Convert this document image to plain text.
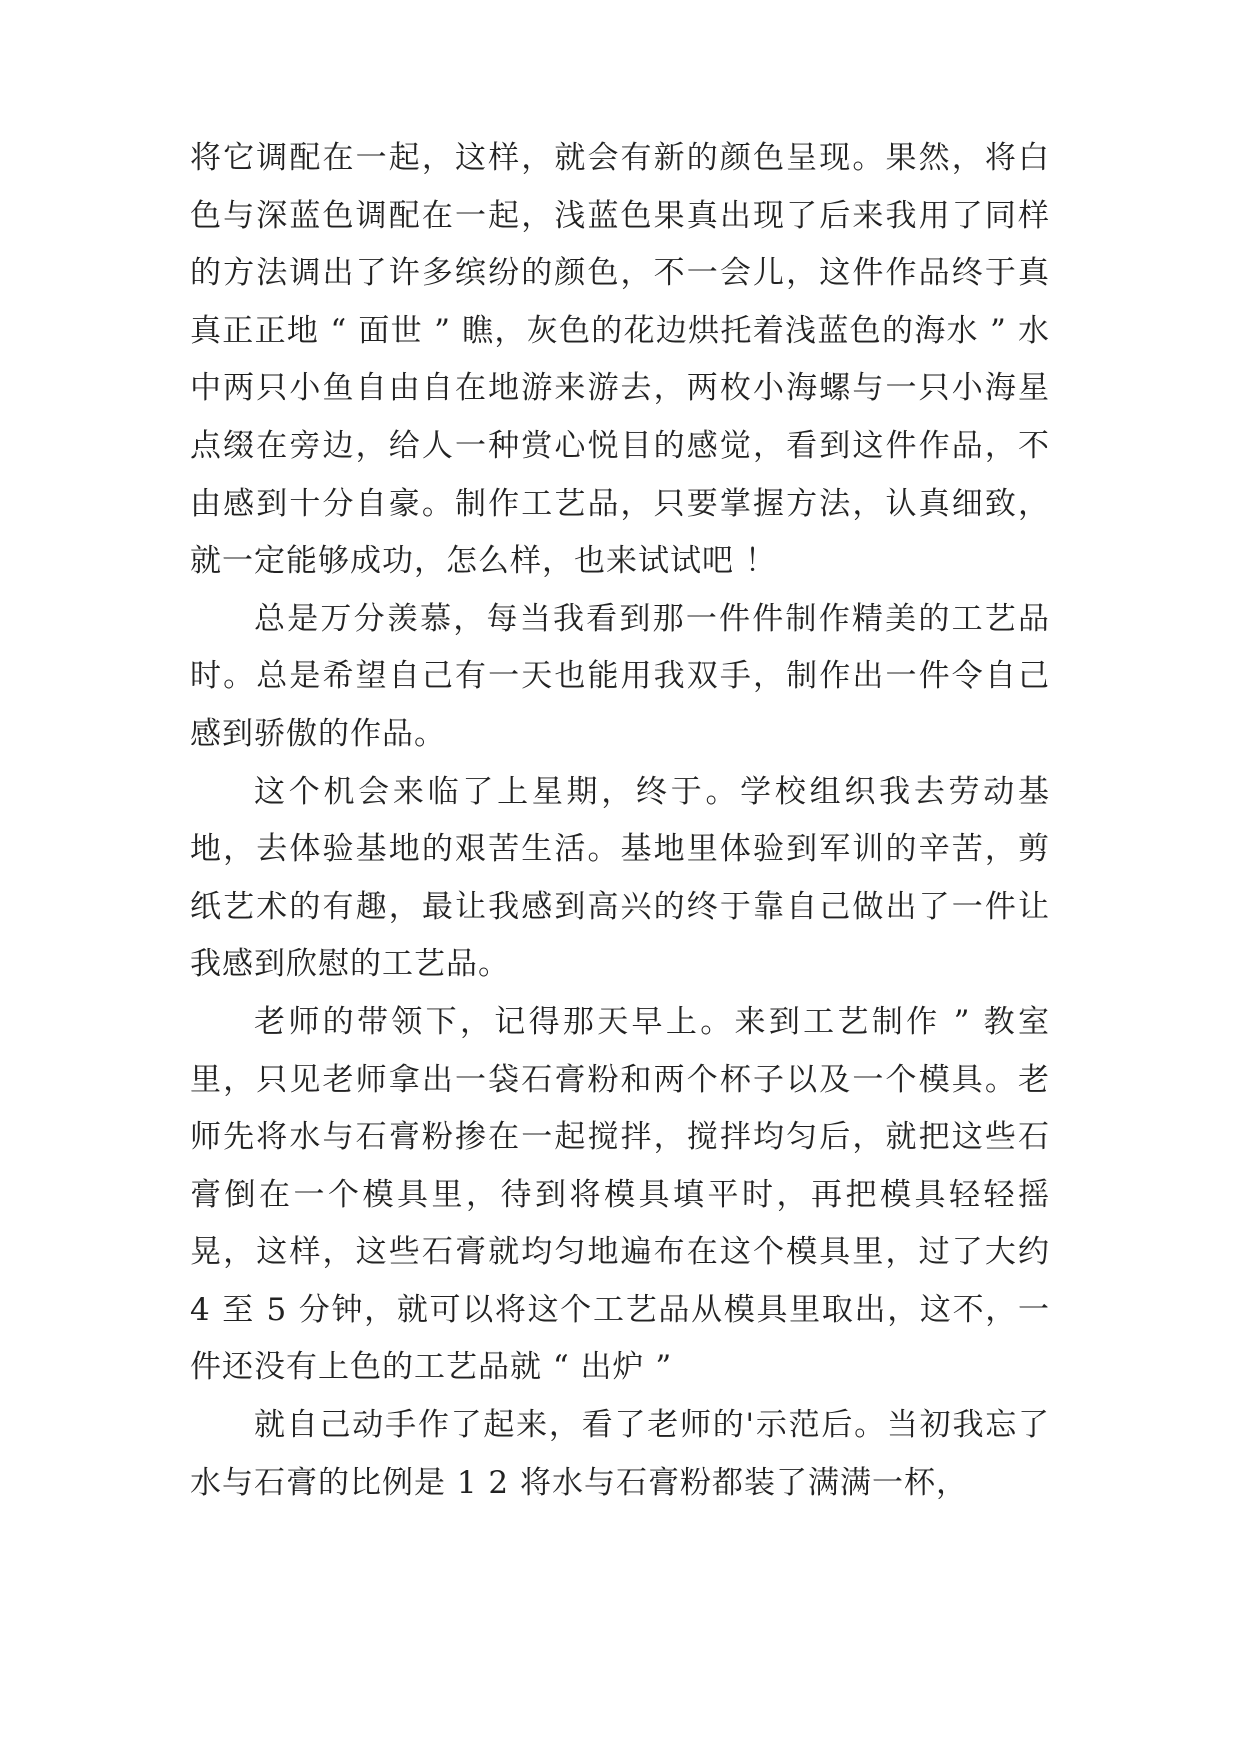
将它调配在一起，这样，就会有新的颜色呈现。果然，将白色与深蓝色调配在一起，浅蓝色果真出现了后来我用了同样的方法调出了许多缤纷的颜色，不一会儿，这件作品终于真真正正地 “ 面世 ” 瞧，灰色的花边烘托着浅蓝色的海水 ” 水中两只小鱼自由自在地游来游去，两枚小海螺与一只小海星点缀在旁边，给人一种赏心悦目的感觉，看到这件作品，不由感到十分自豪。制作工艺品，只要掌握方法，认真细致，就一定能够成功，怎么样，也来试试吧 ！

总是万分羡慕，每当我看到那一件件制作精美的工艺品时。总是希望自己有一天也能用我双手，制作出一件令自己感到骄傲的作品。

这个机会来临了上星期，终于。学校组织我去劳动基地，去体验基地的艰苦生活。基地里体验到军训的辛苦，剪纸艺术的有趣，最让我感到高兴的终于靠自己做出了一件让我感到欣慰的工艺品。

老师的带领下，记得那天早上。来到工艺制作 ” 教室里，只见老师拿出一袋石膏粉和两个杯子以及一个模具。老师先将水与石膏粉掺在一起搅拌，搅拌均匀后，就把这些石膏倒在一个模具里，待到将模具填平时，再把模具轻轻摇晃，这样，这些石膏就均匀地遍布在这个模具里，过了大约 4 至 5 分钟，就可以将这个工艺品从模具里取出，这不，一件还没有上色的工艺品就 “ 出炉 ”

就自己动手作了起来，看了老师的'示范后。当初我忘了水与石膏的比例是 1 2 将水与石膏粉都装了满满一杯，
